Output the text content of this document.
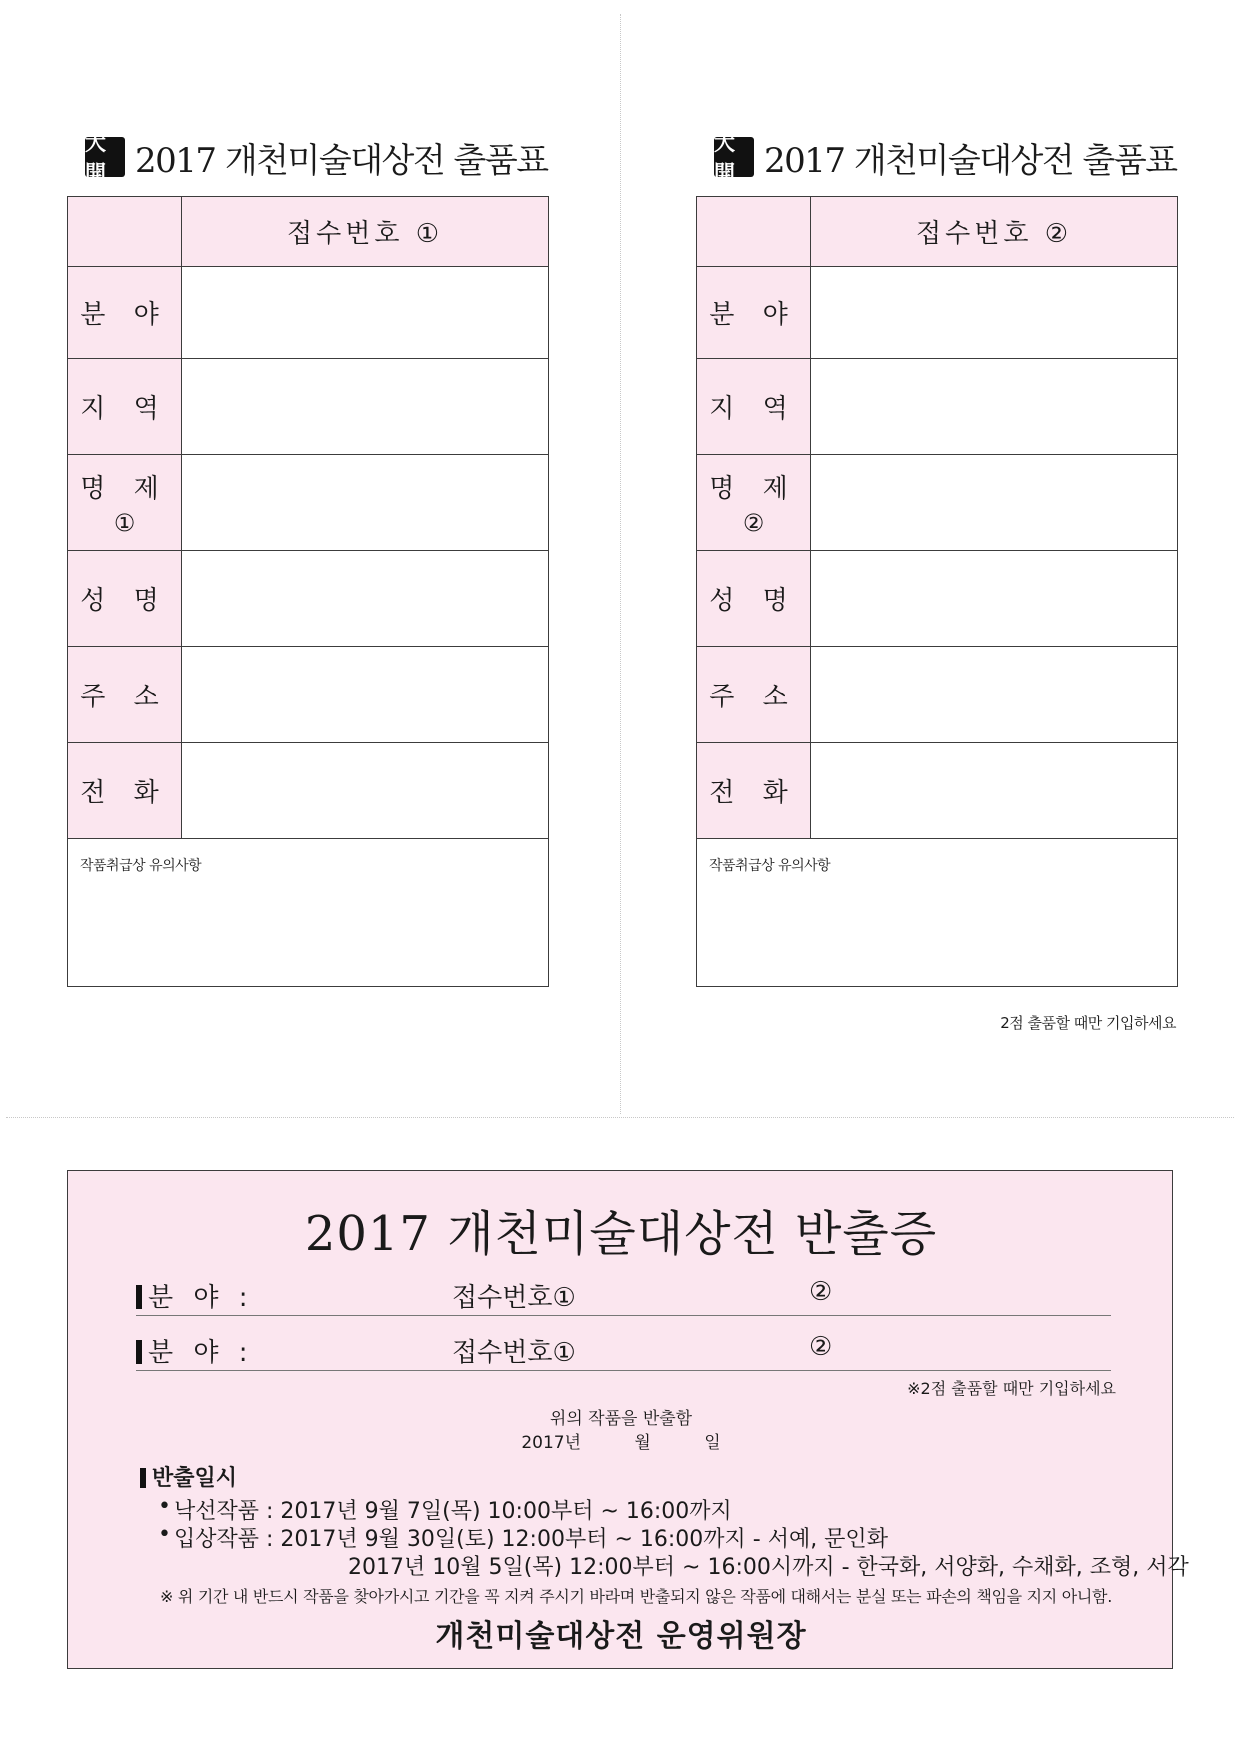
大開 2017 개천미술대상전 출품표
	접수번호 ①
분 야	
지 역	
명 제
①	

성 명	
주 소	
전 화	
작품취급상 유의사항	
大開 2017 개천미술대상전 출품표
	접수번호 ②
분 야	
지 역	
명 제
②	

성 명	
주 소	
전 화	
작품취급상 유의사항	
2점 출품할 때만 기입하세요
2017 개천미술대상전 반출증
분 야 :	접수번호①	②
분 야 :	접수번호①	②
※2점 출품할 때만 기입하세요
위의 작품을 반출함
2017년	월	일
반출일시
• 낙선작품 : 2017년 9월 7일(목) 10:00부터 ~ 16:00까지
• 입상작품 : 2017년 9월 30일(토) 12:00부터 ~ 16:00까지 - 서예, 문인화
2017년 10월 5일(목) 12:00부터 ~ 16:00시까지 - 한국화, 서양화, 수채화, 조형, 서각
※ 위 기간 내 반드시 작품을 찾아가시고 기간을 꼭 지켜 주시기 바라며 반출되지 않은 작품에 대해서는 분실 또는 파손의 책임을 지지 아니함.
개천미술대상전 운영위원장
